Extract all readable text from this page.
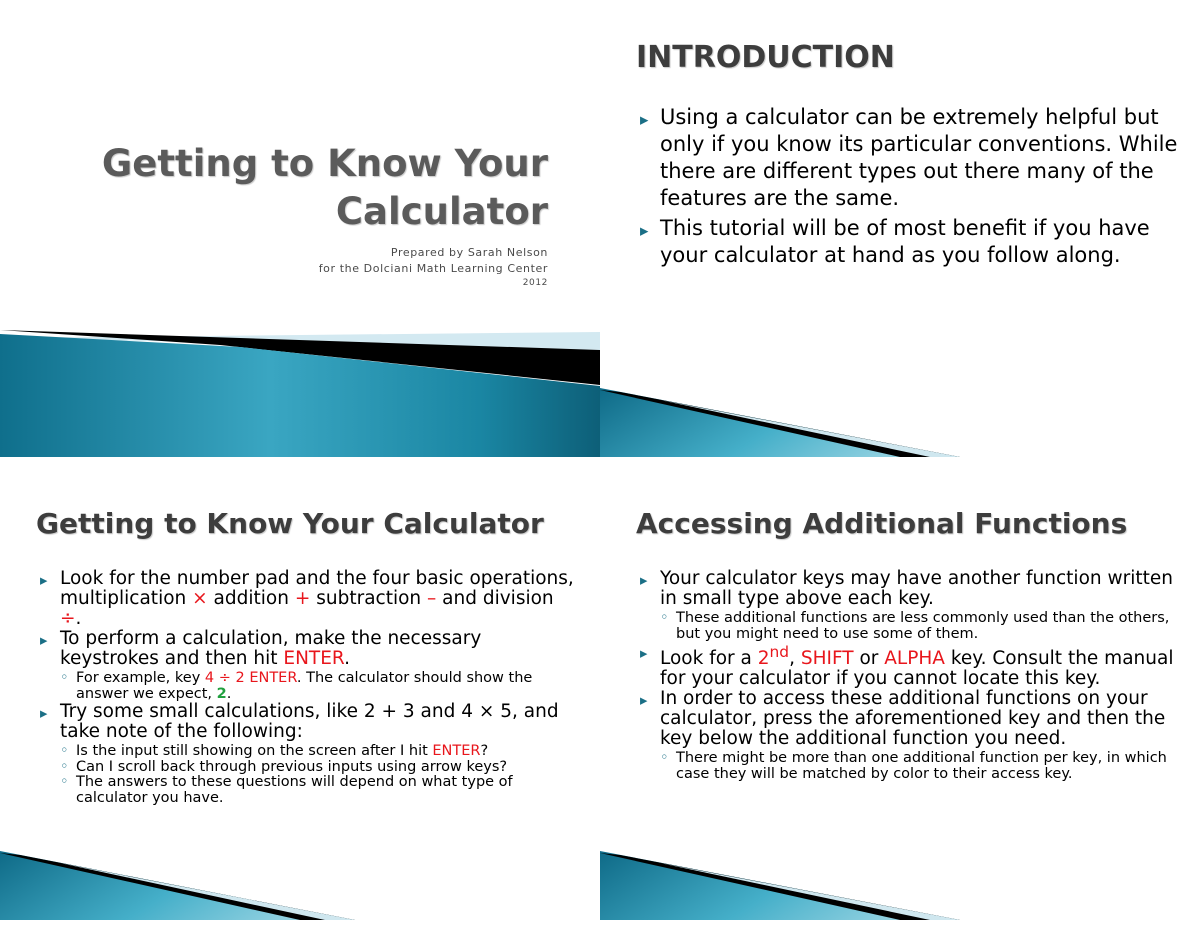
Getting to Know Your
Calculator
Prepared by Sarah Nelson
for the Dolciani Math Learning Center
2012
INTRODUCTION
▸ Using a calculator can be extremely helpful but only if you know its particular conventions. While there are different types out there many of the features are the same.
▸ This tutorial will be of most benefit if you have your calculator at hand as you follow along.
Getting to Know Your Calculator
▸ Look for the number pad and the four basic operations, multiplication × addition + subtraction – and division ÷.
▸ To perform a calculation, make the necessary keystrokes and then hit ENTER.
◦ For example, key 4 ÷ 2 ENTER. The calculator should show the answer we expect, 2.
▸ Try some small calculations, like 2 + 3 and 4 × 5, and take note of the following:
◦ Is the input still showing on the screen after I hit ENTER?
◦ Can I scroll back through previous inputs using arrow keys?
◦ The answers to these questions will depend on what type of calculator you have.
Accessing Additional Functions
▸ Your calculator keys may have another function written in small type above each key.
◦ These additional functions are less commonly used than the others, but you might need to use some of them.
▸ Look for a 2nd, SHIFT or ALPHA key. Consult the manual for your calculator if you cannot locate this key.
▸ In order to access these additional functions on your calculator, press the aforementioned key and then the key below the additional function you need.
◦ There might be more than one additional function per key, in which case they will be matched by color to their access key.
